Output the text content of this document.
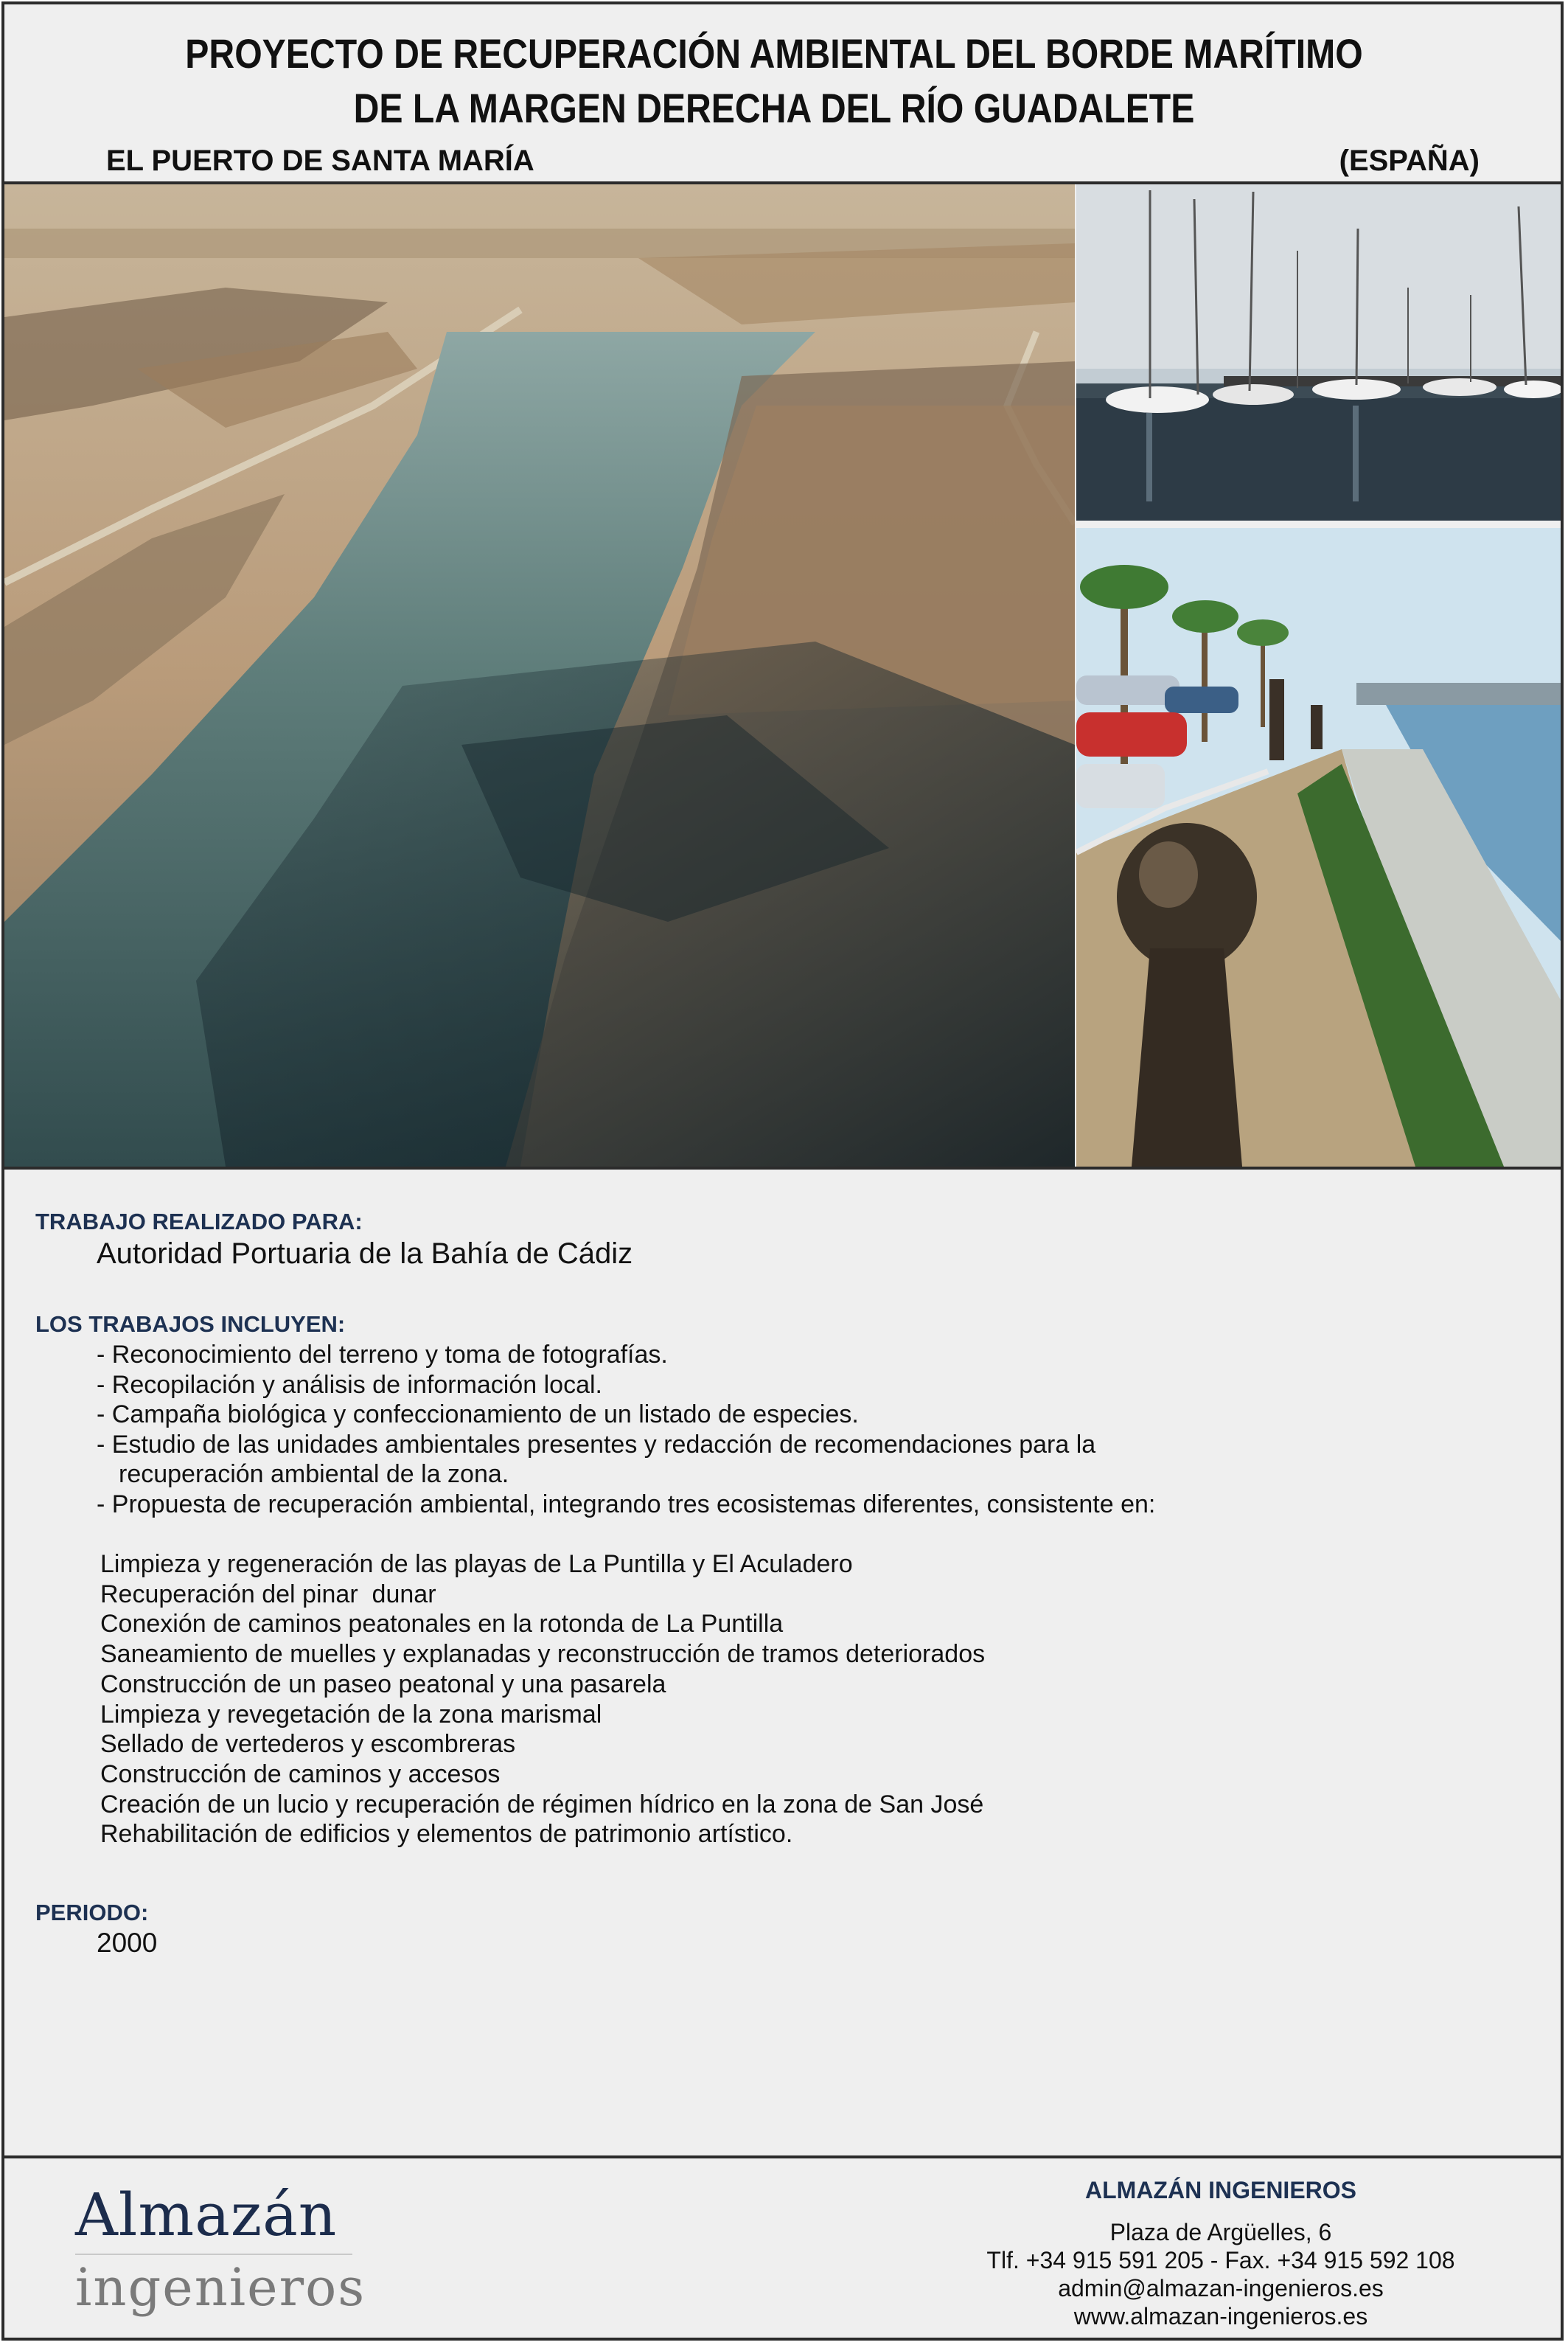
PROYECTO DE RECUPERACIÓN AMBIENTAL DEL BORDE MARÍTIMO
DE LA MARGEN DERECHA DEL RÍO GUADALETE
EL PUERTO DE SANTA MARÍA	(ESPAÑA)
TRABAJO REALIZADO PARA:
Autoridad Portuaria de la Bahía de Cádiz
LOS TRABAJOS INCLUYEN:
- Reconocimiento del terreno y toma de fotografías.
- Recopilación y análisis de información local.
- Campaña biológica y confeccionamiento de un listado de especies.
- Estudio de las unidades ambientales presentes y redacción de recomendaciones para la
recuperación ambiental de la zona.
- Propuesta de recuperación ambiental, integrando tres ecosistemas diferentes, consistente en:
Limpieza y regeneración de las playas de La Puntilla y El Aculadero
Recuperación del pinar  dunar
Conexión de caminos peatonales en la rotonda de La Puntilla
Saneamiento de muelles y explanadas y reconstrucción de tramos deteriorados
Construcción de un paseo peatonal y una pasarela
Limpieza y revegetación de la zona marismal
Sellado de vertederos y escombreras
Construcción de caminos y accesos
Creación de un lucio y recuperación de régimen hídrico en la zona de San José
Rehabilitación de edificios y elementos de patrimonio artístico.
PERIODO:
2000
Almazán
ingenieros
ALMAZÁN INGENIEROS
Plaza de Argüelles, 6
Tlf. +34 915 591 205 - Fax. +34 915 592 108
admin@almazan-ingenieros.es
www.almazan-ingenieros.es
